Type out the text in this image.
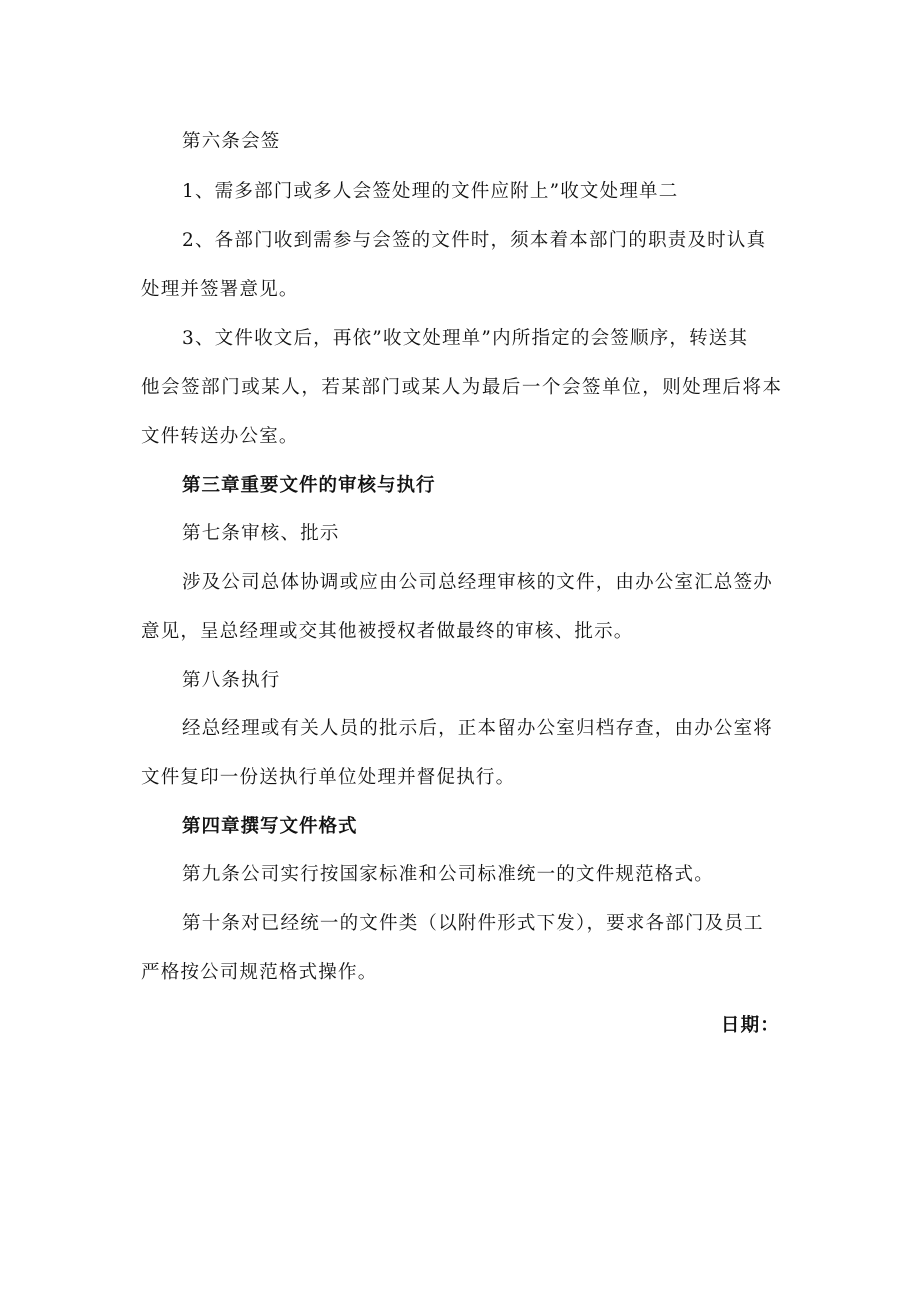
第六条会签

1、需多部门或多人会签处理的文件应附上”收文处理单二

2、各部门收到需参与会签的文件时，须本着本部门的职责及时认真

处理并签署意见。

3、文件收文后，再依”收文处理单”内所指定的会签顺序，转送其

他会签部门或某人，若某部门或某人为最后一个会签单位，则处理后将本

文件转送办公室。

第三章重要文件的审核与执行

第七条审核、批示

涉及公司总体协调或应由公司总经理审核的文件，由办公室汇总签办

意见，呈总经理或交其他被授权者做最终的审核、批示。

第八条执行

经总经理或有关人员的批示后，正本留办公室归档存查，由办公室将

文件复印一份送执行单位处理并督促执行。

第四章撰写文件格式

第九条公司实行按国家标准和公司标准统一的文件规范格式。

第十条对已经统一的文件类（以附件形式下发），要求各部门及员工

严格按公司规范格式操作。

日期：
